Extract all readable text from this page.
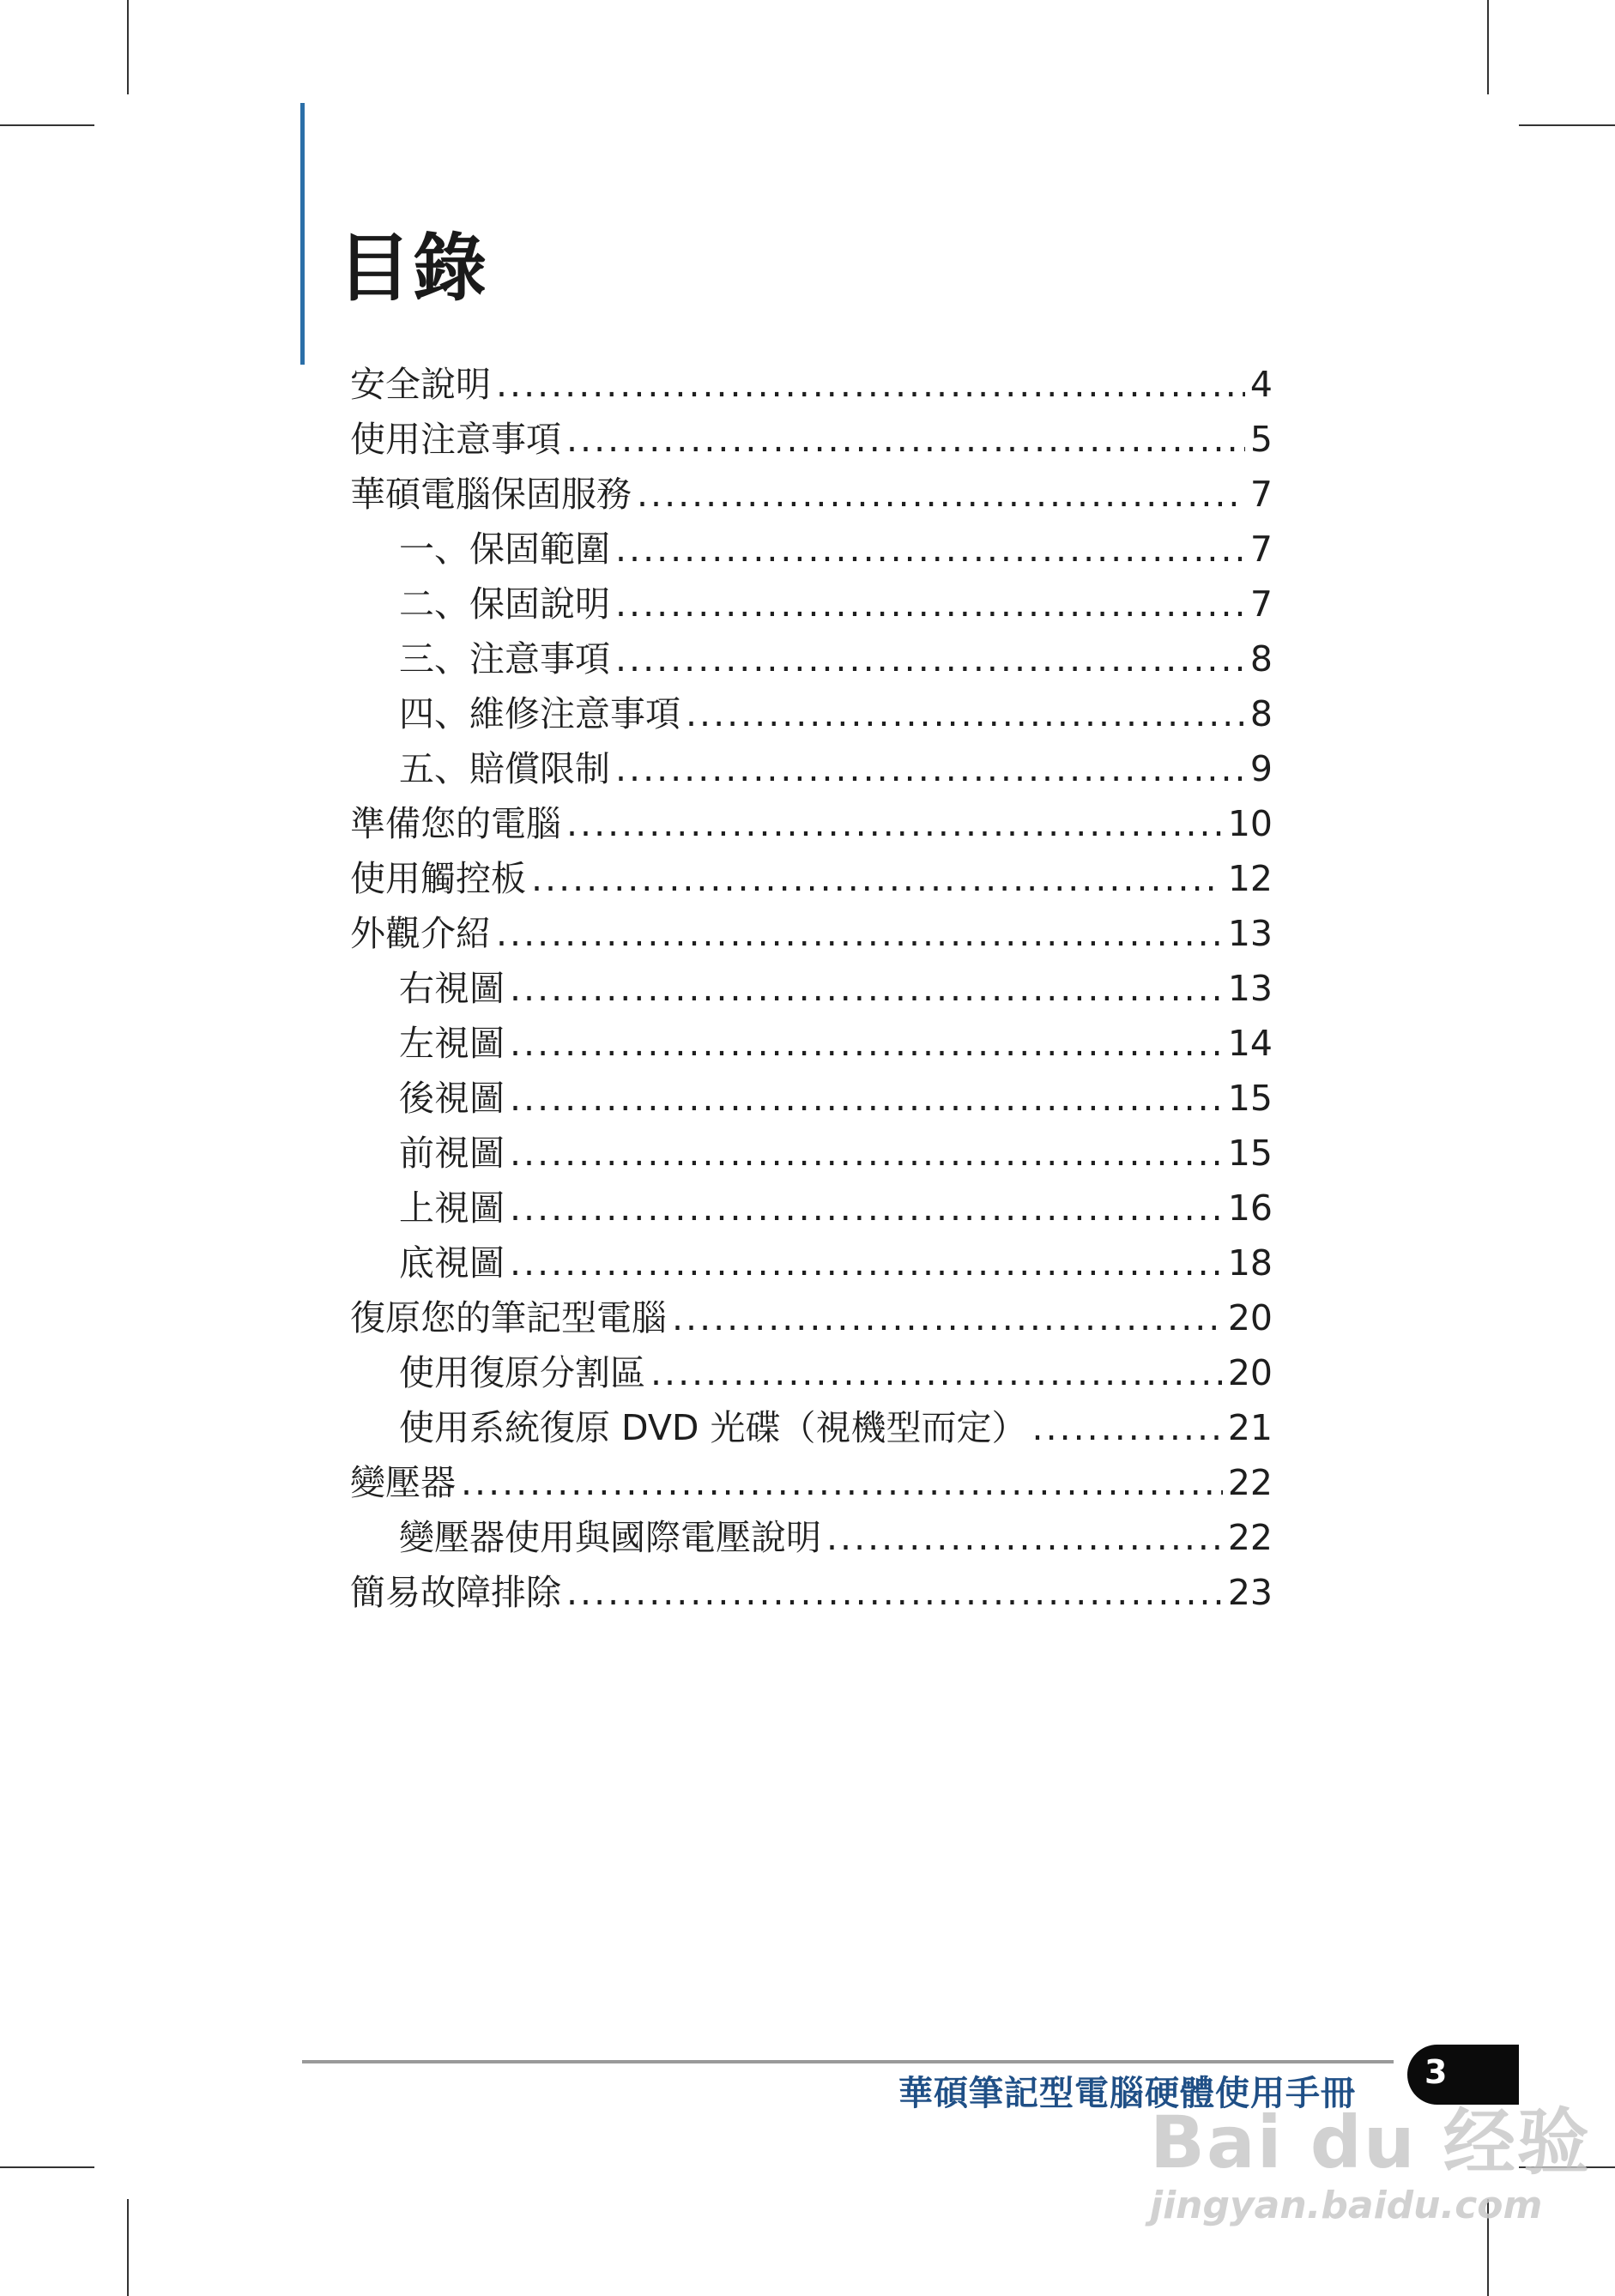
目錄
安全說明 .....	4
使用注意事項 .....	5
華碩電腦保固服務 .....	7
一、保固範圍 .....	7
二、保固說明 .....	7
三、注意事項 .....	8
四、維修注意事項 .....	8
五、賠償限制 .....	9
準備您的電腦 .....	10
使用觸控板 .....	12
外觀介紹 .....	13
右視圖 .....	13
左視圖 .....	14
後視圖 .....	15
前視圖 .....	15
上視圖 .....	16
底視圖 .....	18
復原您的筆記型電腦 .....	20
使用復原分割區 .....	20
使用系統復原 DVD 光碟（視機型而定） .....	21
變壓器 .....	22
變壓器使用與國際電壓說明 .....	22
簡易故障排除 .....	23
華碩筆記型電腦硬體使用手冊
3
Bai du 经验
jingyan.baidu.com
